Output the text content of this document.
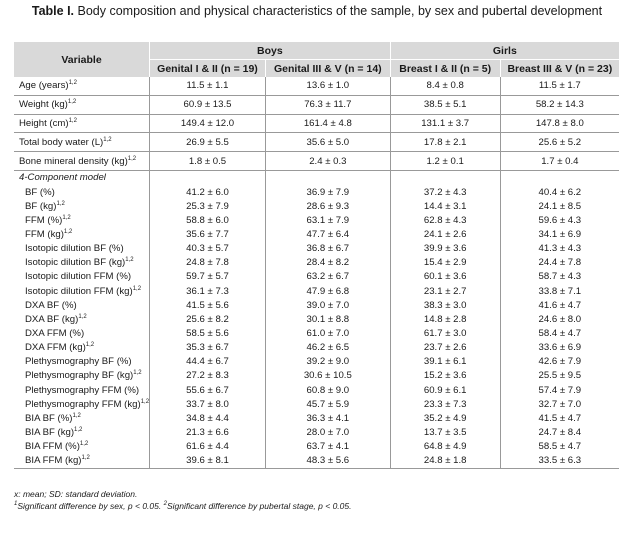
Table I. Body composition and physical characteristics of the sample, by sex and pubertal development
Variable	Boys		Girls	
	Genital I & II (n = 19)	Genital III & V (n = 14)	Breast I & II (n = 5)	Breast III & V (n = 23)
Age (years)$^{1,2}$	11.5 ± 1.1	13.6 ± 1.0	8.4 ± 0.8	11.5 ± 1.7
Weight (kg)$^{1,2}$	60.9 ± 13.5	76.3 ± 11.7	38.5 ± 5.1	58.2 ± 14.3
Height (cm)$^{1,2}$	149.4 ± 12.0	161.4 ± 4.8	131.1 ± 3.7	147.8 ± 8.0
Total body water $(L)^{1,2}$	26.9 ± 5.5	35.6 ± 5.0	17.8 ± 2.1	25.6 ± 5.2
Bone mineral density (kg)$^{1,2}$	1.8 ± 0.5	2.4 ± 0.3	1.2 ± 0.1	1.7 ± 0.4
4-Component model				
BF (%)	41.2 ± 6.0	36.9 ± 7.9	37.2 ± 4.3	40.4 ± 6.2
BF (kg)$^{1,2}$	25.3 ± 7.9	28.6 ± 9.3	14.4 ± 3.1	24.1 ± 8.5
FFM (%)$^{1,2}$	58.8 ± 6.0	63.1 ± 7.9	62.8 ± 4.3	59.6 ± 4.3
FFM (kg)$^{1,2}$	35.6 ± 7.7	47.7 ± 6.4	24.1 ± 2.6	34.1 ± 6.9
Isotopic dilution BF (%)	40.3 ± 5.7	36.8 ± 6.7	39.9 ± 3.6	41.3 ± 4.3
Isotopic dilution BF (kg)$^{1,2}$	24.8 ± 7.8	28.4 ± 8.2	15.4 ± 2.9	24.4 ± 7.8
Isotopic dilution FFM (%)	59.7 ± 5.7	63.2 ± 6.7	60.1 ± 3.6	58.7 ± 4.3
Isotopic dilution FFM (kg)$^{1,2}$	36.1 ± 7.3	47.9 ± 6.8	23.1 ± 2.7	33.8 ± 7.1
DXA BF (%)	41.5 ± 5.6	39.0 ± 7.0	38.3 ± 3.0	41.6 ± 4.7
DXA BF (kg)$^{1,2}$	25.6 ± 8.2	30.1 ± 8.8	14.8 ± 2.8	24.6 ± 8.0
DXA FFM (%)	58.5 ± 5.6	61.0 ± 7.0	61.7 ± 3.0	58.4 ± 4.7
DXA FFM (kg)$^{1,2}$	35.3 ± 6.7	46.2 ± 6.5	23.7 ± 2.6	33.6 ± 6.9
Plethysmography BF (%)	44.4 ± 6.7	39.2 ± 9.0	39.1 ± 6.1	42.6 ± 7.9
Plethysmography BF (kg)$^{1,2}$	27.2 ± 8.3	30.6 ± 10.5	15.2 ± 3.6	25.5 ± 9.5
Plethysmography FFM (%)	55.6 ± 6.7	60.8 ± 9.0	60.9 ± 6.1	57.4 ± 7.9
Plethysmography FFM (kg)$^{1,2}$	33.7 ± 8.0	45.7 ± 5.9	23.3 ± 7.3	32.7 ± 7.0
BIA BF (%)$^{1,2}$	34.8 ± 4.4	36.3 ± 4.1	35.2 ± 4.9	41.5 ± 4.7
BIA BF (kg)$^{1,2}$	21.3 ± 6.6	28.0 ± 7.0	13.7 ± 3.5	24.7 ± 8.4
BIA FFM (%)$^{1,2}$	61.6 ± 4.4	63.7 ± 4.1	64.8 ± 4.9	58.5 ± 4.7
BIA FFM (kg)$^{1,2}$	39.6 ± 8.1	48.3 ± 5.6	24.8 ± 1.8	33.5 ± 6.3
x: mean; SD: standard deviation.
$^1$Significant difference by sex, p < 0.05. $^2$Significant difference by pubertal stage, p < 0.05.
